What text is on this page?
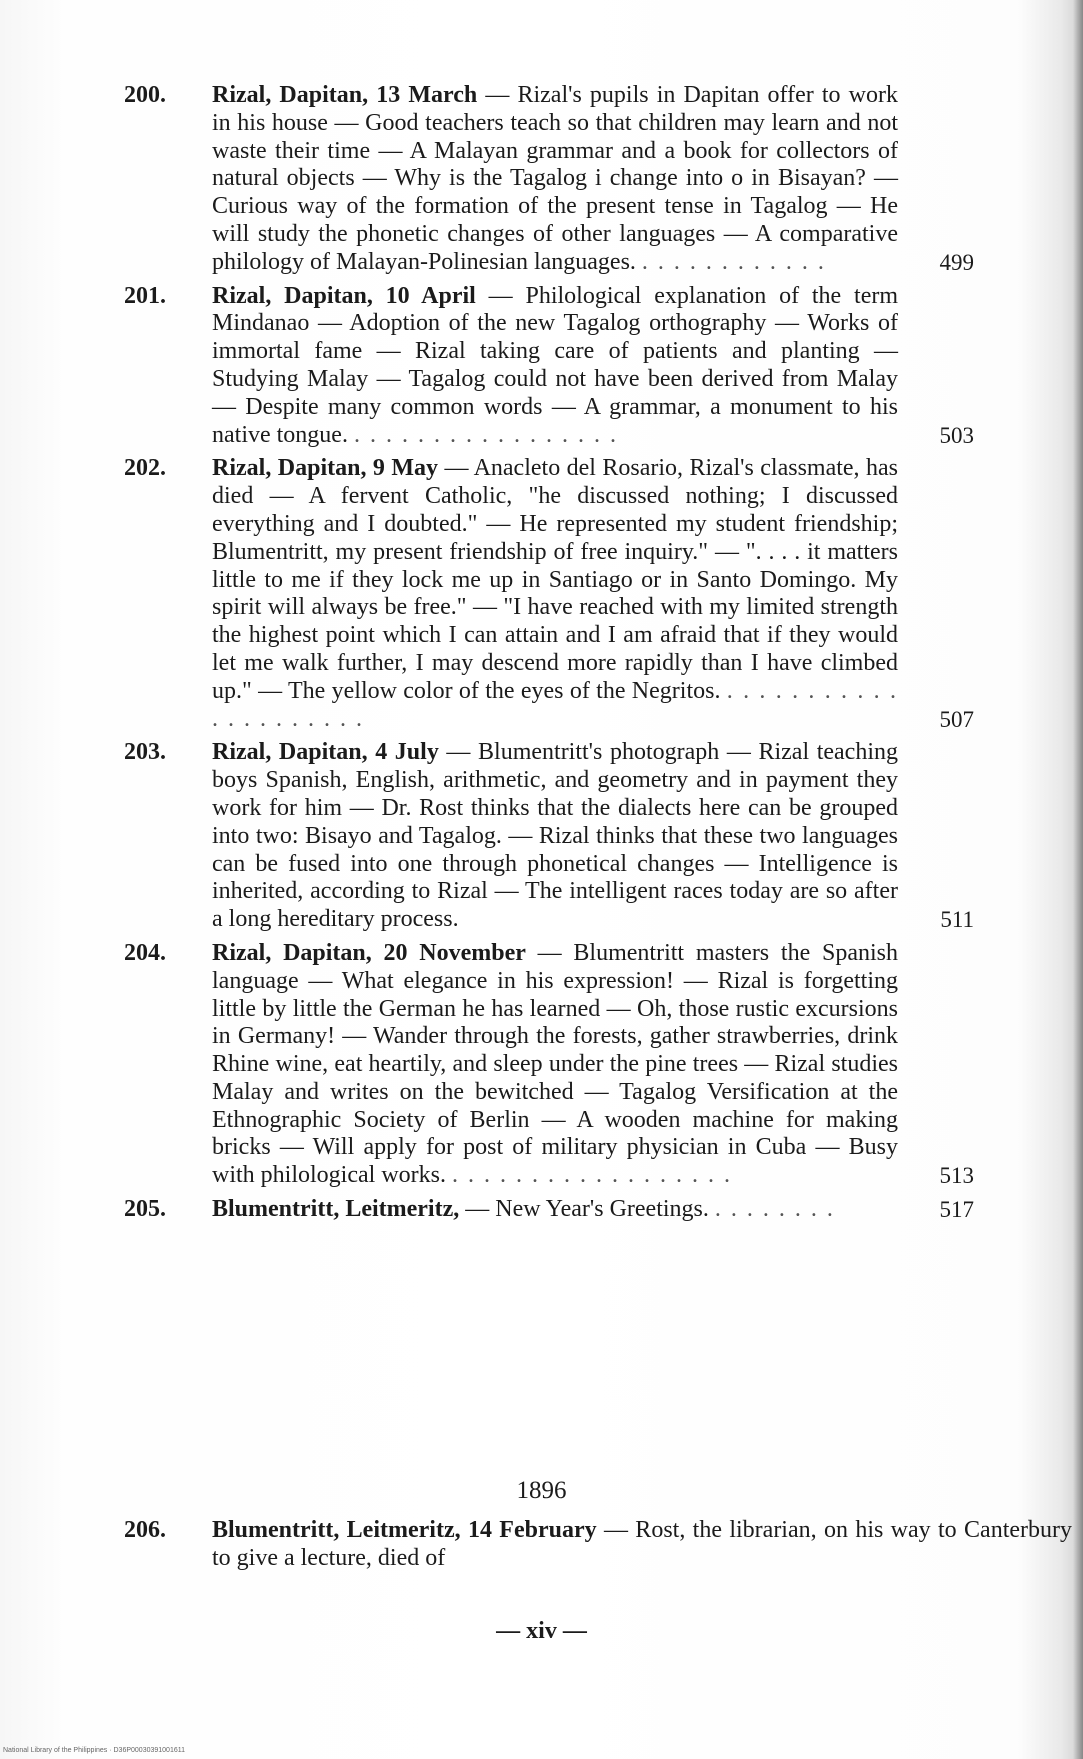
200. Rizal, Dapitan, 13 March — Rizal's pupils in Dapitan offer to work in his house — Good teachers teach so that children may learn and not waste their time — A Malayan grammar and a book for collectors of natural objects — Why is the Tagalog i change into o in Bisayan? — Curious way of the formation of the present tense in Tagalog — He will study the phonetic changes of other languages — A comparative philology of Malayan-Polinesian languages. . . . . . . . . . . . .	499
201. Rizal, Dapitan, 10 April — Philological explanation of the term Mindanao — Adoption of the new Tagalog orthography — Works of immortal fame — Rizal taking care of patients and planting — Studying Malay — Tagalog could not have been derived from Malay — Despite many common words — A grammar, a monument to his native tongue. . . . . . . . . . . . . . . . . .	503
202. Rizal, Dapitan, 9 May — Anacleto del Rosario, Rizal's classmate, has died — A fervent Catholic, "he discussed nothing; I discussed everything and I doubted." — He represented my student friendship; Blumentritt, my present friendship of free inquiry." — ". . . . it matters little to me if they lock me up in Santiago or in Santo Domingo. My spirit will always be free." — "I have reached with my limited strength the highest point which I can attain and I am afraid that if they would let me walk further, I may descend more rapidly than I have climbed up." — The yellow color of the eyes of the Negritos. . . . . . . . . . . . . . . . . . . . . .	507
203. Rizal, Dapitan, 4 July — Blumentritt's photograph — Rizal teaching boys Spanish, English, arithmetic, and geometry and in payment they work for him — Dr. Rost thinks that the dialects here can be grouped into two: Bisayo and Tagalog. — Rizal thinks that these two languages can be fused into one through phonetical changes — Intelligence is inherited, according to Rizal — The intelligent races today are so after a long hereditary process.	511
204. Rizal, Dapitan, 20 November — Blumentritt masters the Spanish language — What elegance in his expression! — Rizal is forgetting little by little the German he has learned — Oh, those rustic excursions in Germany! — Wander through the forests, gather strawberries, drink Rhine wine, eat heartily, and sleep under the pine trees — Rizal studies Malay and writes on the bewitched — Tagalog Versification at the Ethnographic Society of Berlin — A wooden machine for making bricks — Will apply for post of military physician in Cuba — Busy with philological works. . . . . . . . . . . . . . . . . . .	513
205. Blumentritt, Leitmeritz, — New Year's Greetings. . . . . . . . .	517
1896
206. Blumentritt, Leitmeritz, 14 February — Rost, the librarian, on his way to Canterbury to give a lecture, died of
— xiv —
National Library of the Philippines · D36P00030391001611
